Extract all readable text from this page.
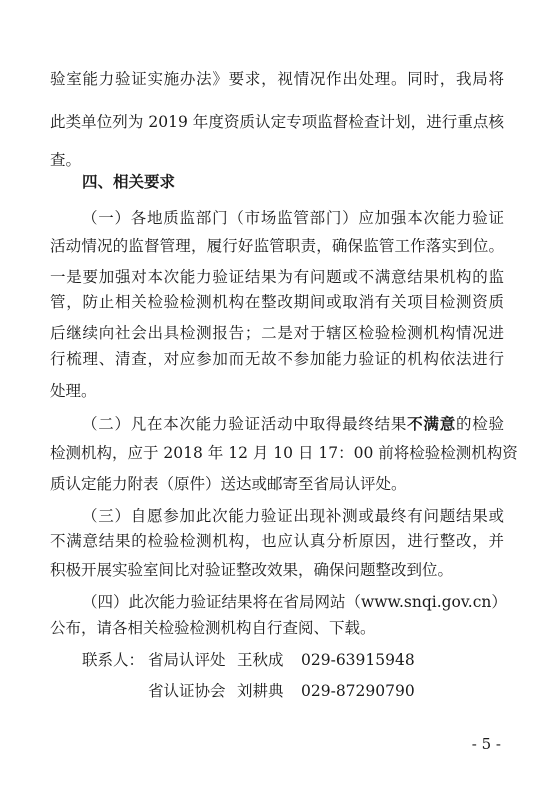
验室能力验证实施办法》要求，视情况作出处理。同时，我局将
此类单位列为 2019 年度资质认定专项监督检查计划，进行重点核
查。
四、相关要求
（一）各地质监部门（市场监管部门）应加强本次能力验证
活动情况的监督管理，履行好监管职责，确保监管工作落实到位。
一是要加强对本次能力验证结果为有问题或不满意结果机构的监
管，防止相关检验检测机构在整改期间或取消有关项目检测资质
后继续向社会出具检测报告；二是对于辖区检验检测机构情况进
行梳理、清查，对应参加而无故不参加能力验证的机构依法进行
处理。
（二）凡在本次能力验证活动中取得最终结果不满意的检验
检测机构，应于 2018 年 12 月 10 日 17：00 前将检验检测机构资
质认定能力附表（原件）送达或邮寄至省局认评处。
（三）自愿参加此次能力验证出现补测或最终有问题结果或
不满意结果的检验检测机构，也应认真分析原因，进行整改，并
积极开展实验室间比对验证整改效果，确保问题整改到位。
（四）此次能力验证结果将在省局网站（www.snqi.gov.cn）
公布，请各相关检验检测机构自行查阅、下载。
联系人： 省局认评处 王秋成 029-63915948
省认证协会 刘耕典 029-87290790
- 5 -
